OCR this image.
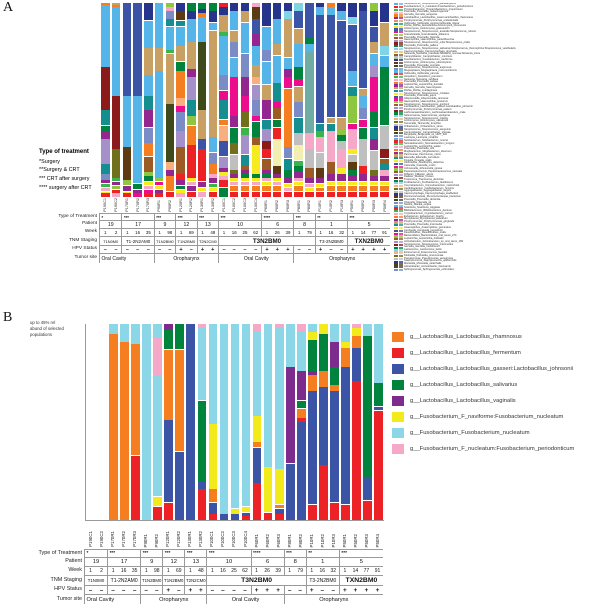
A	Streptococcus_Streptococcus_parasanguinis
Fusobacterium_F_nucleatum:Fusobacterium_periodonticum
Propionibacterium_Propionibacterium_propionicum
Prevotella_Prevotella_melaninogenica
Gemella_Gemella_sanguinis
Lactobacillus_Lactobacillus_casei:Lactobacillus_rhamnosus
Porphyromonas_Porphyromonas_endodontalis
Veillonella_Veillonella_atypica:Veillonella_dispar
Rothia_Rothia_dentocariosa:Actinomyces_timonensis
Actinomyces_Actinomyces_graevenitzii
Streptococcus_Streptococcus_australis:Streptococcus_rubneri
Granulicatella_Granulicatella_adiacens
Prevotella_Prevotella_histicola
Haemophilus_Haemophilus_parainfluenzae
Streptococcus_Streptococcus_mitis:Streptococcus_oralis
Prevotella_Prevotella_pallens
Streptococcus_Streptococcus_salivarius:Streptococcus_thermophilus:Streptococcus_vestibularis
Capnocytophaga_Capnocytophaga_gingivalis
Neisseria_Neisseria_macacae:Neisseria_mucosa:Neisseria_sicca
Campylobacter_Campylobacter_concisus
Fusobacterium_Fusobacterium_naviforme
Actinomyces_Actinomyces_odontolyticus
Prevotella_Prevotella_veroralis
Streptococcus_Streptococcus_anginosus
Megasphaera_Megasphaera_micronuciformis
Veillonella_Veillonella_parvula
Atopobium_Atopobium_parvulum
Neisseria_Neisseria_subflava
Prevotella_Prevotella_salivae
Leptotrichia_Leptotrichia_buccalis
Gemella_Gemella_haemolysans
Rothia_Rothia_mucilaginosa
Streptococcus_Streptococcus_cristatus
Prevotella_Prevotella_jejuni
Alloprevotella_Alloprevotella_tannerae
Haemophilus_Haemophilus_sputorum
Streptococcus_Streptococcus_gordonii
Lactobacillus_Lactobacillus_gasseri:Lactobacillus_johnsonii
Porphyromonas_Porphyromonas_pasteri
Lachnoanaerobaculum_Lachnoanaerobaculum_orale
Selenomonas_Selenomonas_sputigena
Streptococcus_Streptococcus_infantis
Actinomyces_Actinomyces_naeslundii
Tannerella_Tannerella_forsythia
Oribacterium_Oribacterium_sinus
Streptococcus_Streptococcus_sanguinis
Campylobacter_Campylobacter_showae
Bergeyella_Bergeyella_sp_HMT_322
Lautropia_Lautropia_mirabilis
Solobacterium_Solobacterium_moorei
Stomatobaculum_Stomatobaculum_longum
Leptotrichia_Leptotrichia_wadei
Prevotella_Prevotella_oris
Mogibacterium_Mogibacterium_diversum
Parvimonas_Parvimonas_micra
Eikenella_Eikenella_corrodens
Kingella_Kingella_oralis
Abiotrophia_Abiotrophia_defectiva
Catonella_Catonella_morbi
Johnsonella_Johnsonella_ignava
Peptostreptococcus_Peptostreptococcus_stomatis
Filifactor_Filifactor_alocis
Dialister_Dialister_invisus
Treponema_Treponema_denticola
Fretibacterium_Fretibacterium_fastidiosum
Corynebacterium_Corynebacterium_matruchotii
Cardiobacterium_Cardiobacterium_hominis
Aggregatibacter_Aggregatibacter_segnis
Capnocytophaga_Capnocytophaga_leadbetteri
Ruminococcaceae_Ruminococcaceae_bacterium
Prevotella_Prevotella_denticola
Olsenella_Olsenella_uli
Slackia_Slackia_exigua
Scardovia_Scardovia_wiggsiae
Bifidobacterium_Bifidobacterium_dentium
Cryptobacterium_Cryptobacterium_curtum
Eubacterium_Eubacterium_brachy
Mycoplasma_Mycoplasma_salivarium
Porphyromonas_Porphyromonas_gingivalis
Prevotella_Prevotella_intermedia
Anaeroglobus_Anaeroglobus_geminatus
Centipeda_Centipeda_periodontii
Desulfobulbus_Desulfobulbus_oralis
Bacteroidetes_Bacteroidetes_oral_taxon_274
Leptotrichia_Leptotrichia_hofstadii
Actinobaculum_Actinobaculum_sp_oral_taxon_183
Streptococcus_Streptococcus_intermedius
Gemella_Gemella_morbillorum
Lactococcus_Lactococcus_lactis
Enterococcus_Enterococcus_faecalis
Klebsiella_Klebsiella_pneumoniae
Pseudomonas_Pseudomonas_aeruginosa
Staphylococcus_Staphylococcus_epidermidis
Moraxella_Moraxella_catarrhalis
Acinetobacter_Acinetobacter_baumannii
Sphingomonas_Sphingomonas_echinoides
Type of treatment
*Surgery
**Surgery & CRT
*** CRT after surgery
**** surgery after CRT
P190C1 P190C2 P170R1 P170R2 P170R3 P90R1 P90R2 P120R1 P120R2 P130R1 P130R2 P100C1 P100C2 P100C3 P100C4 P60R1 P60R2 P60R3 P80R1 P80R2 P10R1 P10R2 P10R3 P50R1 P50R2 P50R3 P50R4
Type of Treatment	*	***	***	***	***	***	****	***	**	***
Patient	19	17	9	12	13	10	6	8	1	5
Week	1	2	1	16	35	1	98	1	69	1	48	1	16	25	62	1	26	39	1	79	1	16	32	1	14	77	91
TNM Staging	T1N0M0	T1-2N2AM0	T1N2BM0	T1N2BM0 T2N2CM0	T3N2BM0	T3-2N2BM0	TXN2BM0
HPV Status	–	–	–	–	–	–	–	+	–	+	+	–	–	–	–	+	+	+	–	–	+	–	–	+	+	+	+
Tumor site Oral Cavity	Oropharynx	Oral Cavity	Oropharynx
B	up to 45% rel
abund of selected
populations	g__Lactobacillus_Lactobacillus_rhamnosus
g__Lactobacillus_Lactobacillus_fermentum
g__Lactobacillus_Lactobacillus_gasseri:Lactobacillus_johnsonii
g__Lactobacillus_Lactobacillus_salivarius
g__Lactobacillus_Lactobacillus_vaginalis
g__Fusobacterium_F_naviforme:Fusobacterium_nucleatum
g__Fusobacterium_Fusobacterium_nucleatum
g__Fusobacterium_F_nucleatum:Fusobacterium_periodonticum
P190C1 P190C2 P170R1 P170R2 P170R3 P90R1 P90R2 P120R1 P120R2 P130R1 P130R2 P100C1 P100C2 P100C3 P100C4 P60R1 P60R2 P60R3 P80R1 P80R2 P10R1 P10R2 P10R3 P50R1 P50R2 P50R3 P50R4
Type of Treatment *	***	***	***	***	***	****	***	**	***
Patient	19	17	9	12	13	10	6	8	1	5
Week	1	2	1	16	35	1	98	1	69	1	48	1	16	25	62	1	26	39	1	79	1	16	32	1	14	77	91
TNM Staging	T1N0M0	T1-2N2AM0	T1N2BM0 T1N2BM0 T2N2CM0	T3N2BM0	T3-2N2BM0	TXN2BM0
HPV Status	–	–	–	–	–	–	–	+	–	+	+	–	–	–	–	+	+	+	–	–	+	–	–	+	+	+	+
Tumor site Oral Cavity	Oropharynx	Oral Cavity	Oropharynx
